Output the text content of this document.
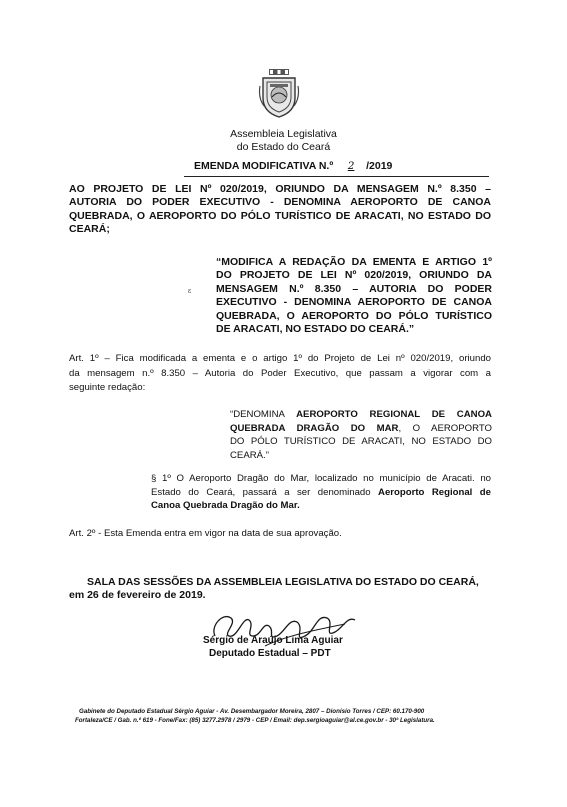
Assembleia Legislativa
do Estado do Ceará
EMENDA MODIFICATIVA N.º 2 /2019
AO PROJETO DE LEI Nº 020/2019, ORIUNDO DA MENSAGEM N.º 8.350 –
AUTORIA DO PODER EXECUTIVO - DENOMINA AEROPORTO DE CANOA
QUEBRADA, O AEROPORTO DO PÓLO TURÍSTICO DE ARACATI, NO ESTADO DO
CEARÁ;
“MODIFICA A REDAÇÃO DA EMENTA E ARTIGO 1º
DO PROJETO DE LEI Nº 020/2019, ORIUNDO DA
MENSAGEM N.º 8.350 – AUTORIA DO PODER
EXECUTIVO - DENOMINA AEROPORTO DE CANOA
QUEBRADA, O AEROPORTO DO PÓLO TURÍSTICO
DE ARACATI, NO ESTADO DO CEARÁ.”
Art. 1º – Fica modificada a ementa e o artigo 1º do Projeto de Lei nº 020/2019, oriundo
da mensagem n.º 8.350 – Autoria do Poder Executivo, que passam a vigorar com a
seguinte redação:
“DENOMINA AEROPORTO REGIONAL DE CANOA
QUEBRADA DRAGÃO DO MAR, O AEROPORTO
DO PÓLO TURÍSTICO DE ARACATI, NO ESTADO DO
CEARÁ.”
§ 1º O Aeroporto Dragão do Mar, localizado no município de Aracati. no
Estado do Ceará, passará a ser denominado Aeroporto Regional de
Canoa Quebrada Dragão do Mar.
Art. 2º - Esta Emenda entra em vigor na data de sua aprovação.
SALA DAS SESSÕES DA ASSEMBLEIA LEGISLATIVA DO ESTADO DO CEARÁ,
em 26 de fevereiro de 2019.
Sérgio de Araújo Lima Aguiar
Deputado Estadual – PDT
Gabinete do Deputado Estadual Sérgio Aguiar - Av. Desembargador Moreira, 2807 – Dionísio Torres / CEP: 60.170-900
Fortaleza/CE / Gab. n.º 619 - Fone/Fax: (85) 3277.2978 / 2979 - CEP / Email: dep.sergioaguiar@al.ce.gov.br - 30ª Legislatura.
ɛ
